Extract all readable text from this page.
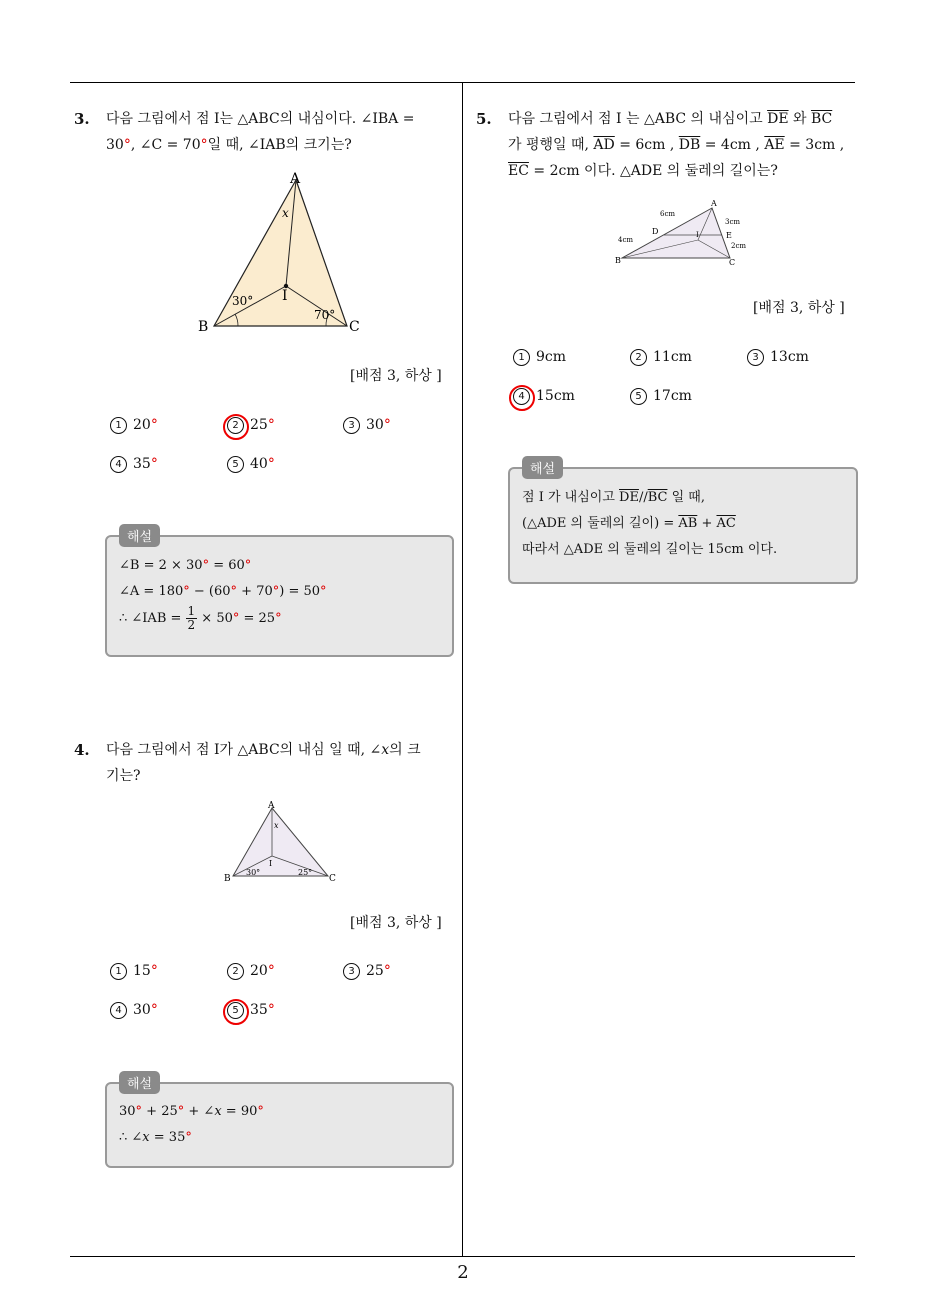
3. 다음 그림에서 점 I는 △ABC의 내심이다. ∠IBA =
30°, ∠C = 70°일 때, ∠IAB의 크기는?
A
B	C
I
x
30°
70°
[배점 3, 하상 ]
1 20°	2 25°	3 30°
4 35°	5 40°
해설
∠B = 2 × 30° = 60°
∠A = 180° − (60° + 70°) = 50°
∴ ∠IAB = $\frac{1}{2} \times 50^\circ = 25^\circ$
4. 다음 그림에서 점 I가 △ABC의 내심 일 때, ∠x의 크
기는?
A
B	C
I
x
30°	25°
[배점 3, 하상 ]
1 15°	2 20°	3 25°
4 30°	5 35°
해설
30° + 25° + ∠x = 90°
∴ ∠x = 35°
5. 다음 그림에서 점 I 는 △ABC 의 내심이고 $\overline{DE}$ 와 $\overline{BC}$
가 평행일 때, $\overline{AD} = 6cm$ , $\overline{DB} = 4cm$ , $\overline{AE} = 3cm$ ,
$\overline{EC} = 2cm$ 이다. △ADE 의 둘레의 길이는?
A
B	C
D	E
I
6cm
4cm
3cm
2cm
[배점 3, 하상 ]
1 9cm	2 11cm	3 13cm
4 15cm	5 17cm
해설
점 I 가 내심이고 $\overline{DE}//\overline{BC}$ 일 때,
(△ADE 의 둘레의 길이) = $\overline{AB} + \overline{AC}$
따라서 △ADE 의 둘레의 길이는 15cm 이다.
2
